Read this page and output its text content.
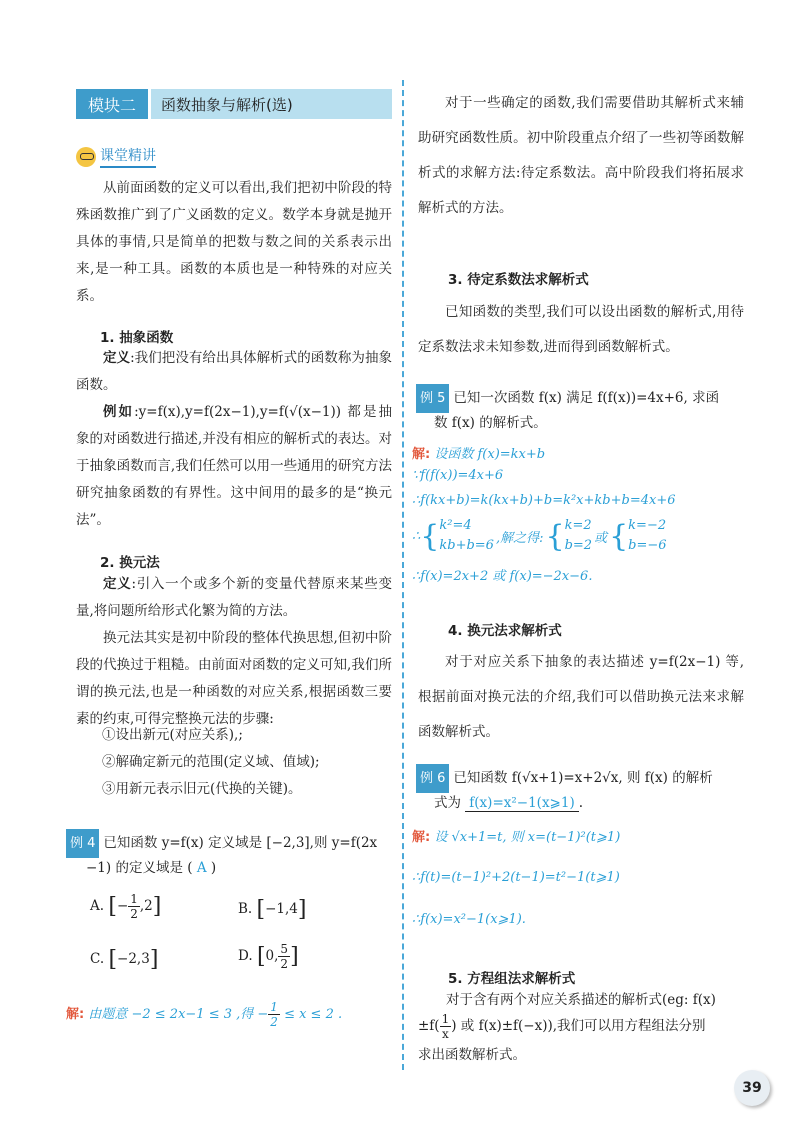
模块二	函数抽象与解析(选)
课堂精讲

从前面函数的定义可以看出,我们把初中阶段的特殊函数推广到了广义函数的定义。数学本身就是抛开具体的事情,只是简单的把数与数之间的关系表示出来,是一种工具。函数的本质也是一种特殊的对应关系。

1. 抽象函数

定义:我们把没有给出具体解析式的函数称为抽象函数。

例如:y=f(x),y=f(2x−1),y=f(√(x−1)) 都是抽象的对函数进行描述,并没有相应的解析式的表达。对于抽象函数而言,我们任然可以用一些通用的研究方法研究抽象函数的有界性。这中间用的最多的是“换元法”。

2. 换元法

定义:引入一个或多个新的变量代替原来某些变量,将问题所给形式化繁为简的方法。

换元法其实是初中阶段的整体代换思想,但初中阶段的代换过于粗糙。由前面对函数的定义可知,我们所谓的换元法,也是一种函数的对应关系,根据函数三要素的约束,可得完整换元法的步骤:

①设出新元(对应关系),;
②解确定新元的范围(定义域、值域);
③用新元表示旧元(代换的关键)。
例 4 已知函数 y=f(x) 定义域是 [−2,3],则 y=f(2x
−1) 的定义域是 ( A )
A. [− $\frac{1}{2} ,2$]	B. [−1,4]
C. [−2,3]	D. [0, $\frac{5}{2}$ ]
解: 由题意 −2 ≤ 2x−1 ≤ 3 ,得 − $\frac{1}{2} \le x \le 2$ .

对于一些确定的函数,我们需要借助其解析式来辅助研究函数性质。初中阶段重点介绍了一些初等函数解析式的求解方法:待定系数法。高中阶段我们将拓展求解析式的方法。

3. 待定系数法求解析式

已知函数的类型,我们可以设出函数的解析式,用待定系数法求未知参数,进而得到函数解析式。

例 5 已知一次函数 f(x) 满足 f(f(x))=4x+6, 求函
数 f(x) 的解析式。
解: 设函数 f(x)=kx+b
∵f(f(x))=4x+6
∴f(kx+b)=k(kx+b)+b=k²x+kb+b=4x+6
∴ { k²=4
kb+b=6 ,解之得: { k=2
b=2 或 { k=−2
b=−6
∴f(x)=2x+2 或 f(x)=−2x−6.
4. 换元法求解析式

对于对应关系下抽象的表达描述 y=f(2x−1) 等,根据前面对换元法的介绍,我们可以借助换元法来求解函数解析式。

例 6 已知函数 f(√x+1)=x+2√x, 则 f(x) 的解析
式为 f(x)=x²−1(x⩾1) .
解: 设 √x+1=t, 则 x=(t−1)²(t⩾1)
∴f(t)=(t−1)²+2(t−1)=t²−1(t⩾1)
∴f(x)=x²−1(x⩾1).
5. 方程组法求解析式
对于含有两个对应关系描述的解析式(eg: f(x)
$\pm f( \frac{1}{x}$ ) 或 f(x)±f(−x)),我们可以用方程组法分别
求出函数解析式。
39
